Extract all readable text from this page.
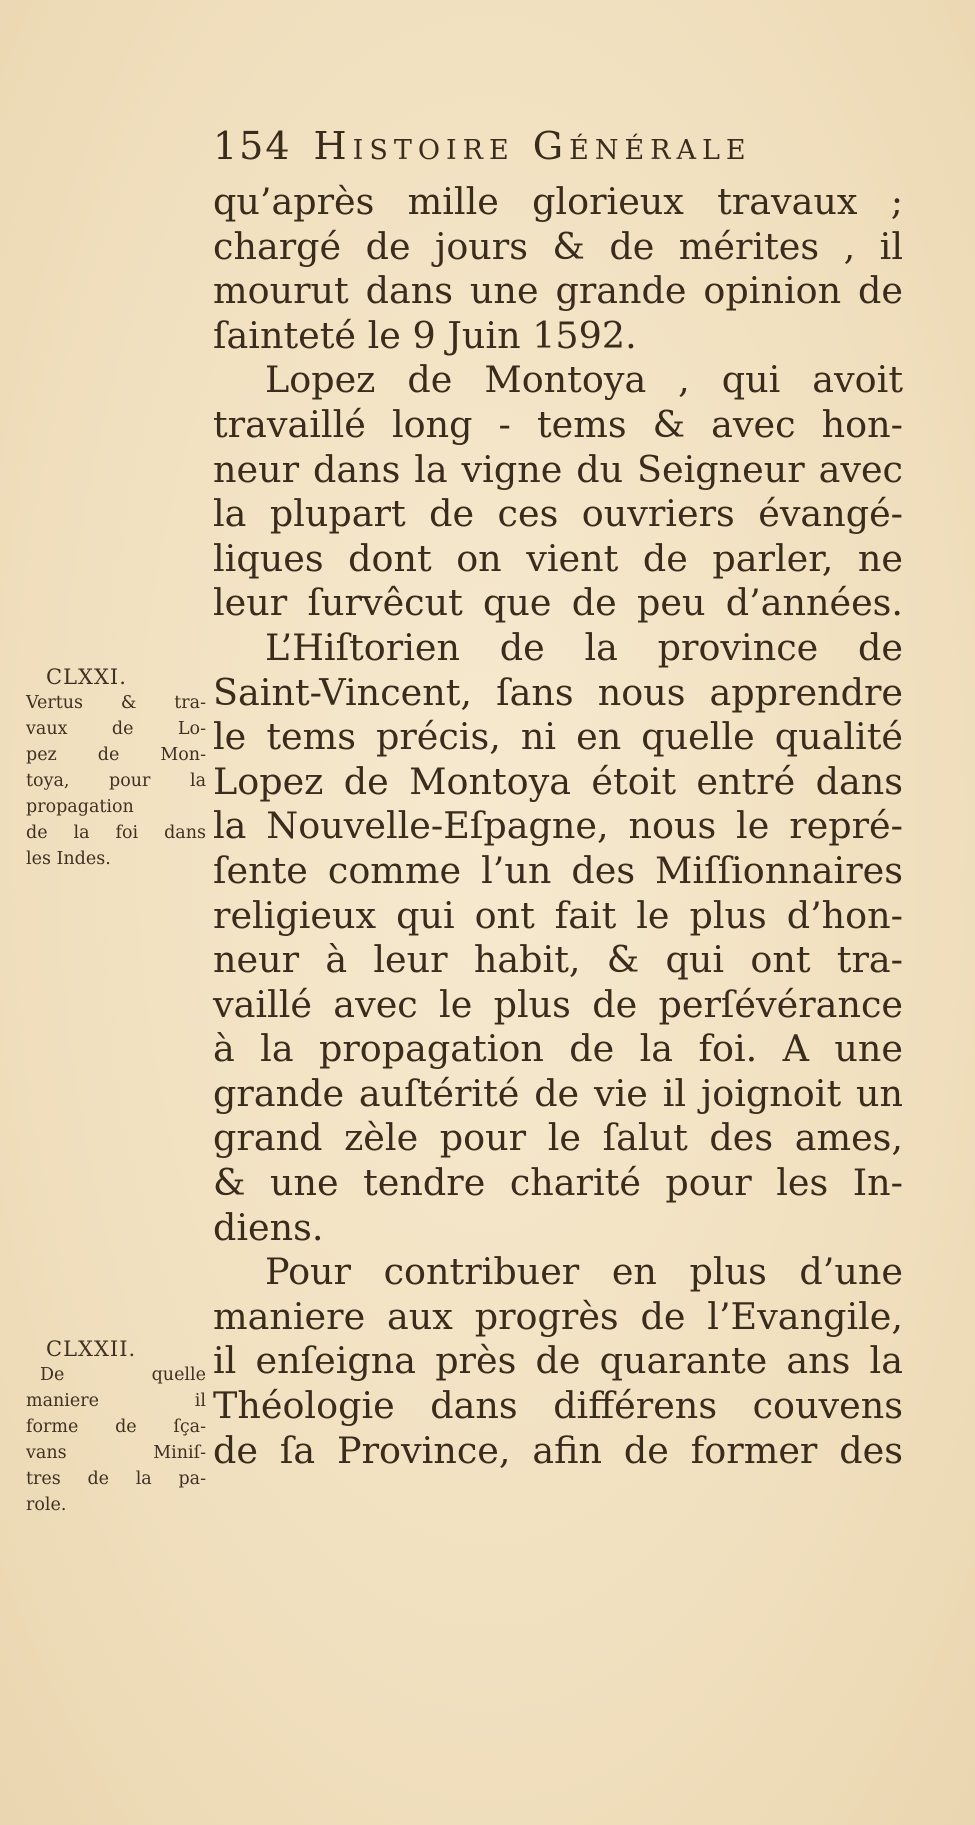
154 Histoire Générale
qu’après mille glorieux travaux ;
chargé de jours & de mérites , il
mourut dans une grande opinion de
ſainteté le 9 Juin 1592.
Lopez de Montoya , qui avoit
travaillé long - tems & avec hon-
neur dans la vigne du Seigneur avec
la plupart de ces ouvriers évangé-
liques dont on vient de parler, ne
leur ſurvêcut que de peu d’années.
L’Hiſtorien de la province de
Saint-Vincent, ſans nous apprendre
le tems précis, ni en quelle qualité
Lopez de Montoya étoit entré dans
la Nouvelle-Eſpagne, nous le repré-
ſente comme l’un des Miſſionnaires
religieux qui ont fait le plus d’hon-
neur à leur habit, & qui ont tra-
vaillé avec le plus de perſévérance
à la propagation de la foi. A une
grande auſtérité de vie il joignoit un
grand zèle pour le ſalut des ames,
& une tendre charité pour les In-
diens.
Pour contribuer en plus d’une
maniere aux progrès de l’Evangile,
il enſeigna près de quarante ans la
Théologie dans différens couvens
de ſa Province, afin de former des
CLXXI.
Vertus & tra-
vaux de Lo-
pez de Mon-
toya, pour la
propagation
de la foi dans
les Indes.
CLXXII.
De quelle
maniere il
forme de ſça-
vans Miniſ-
tres de la pa-
role.
